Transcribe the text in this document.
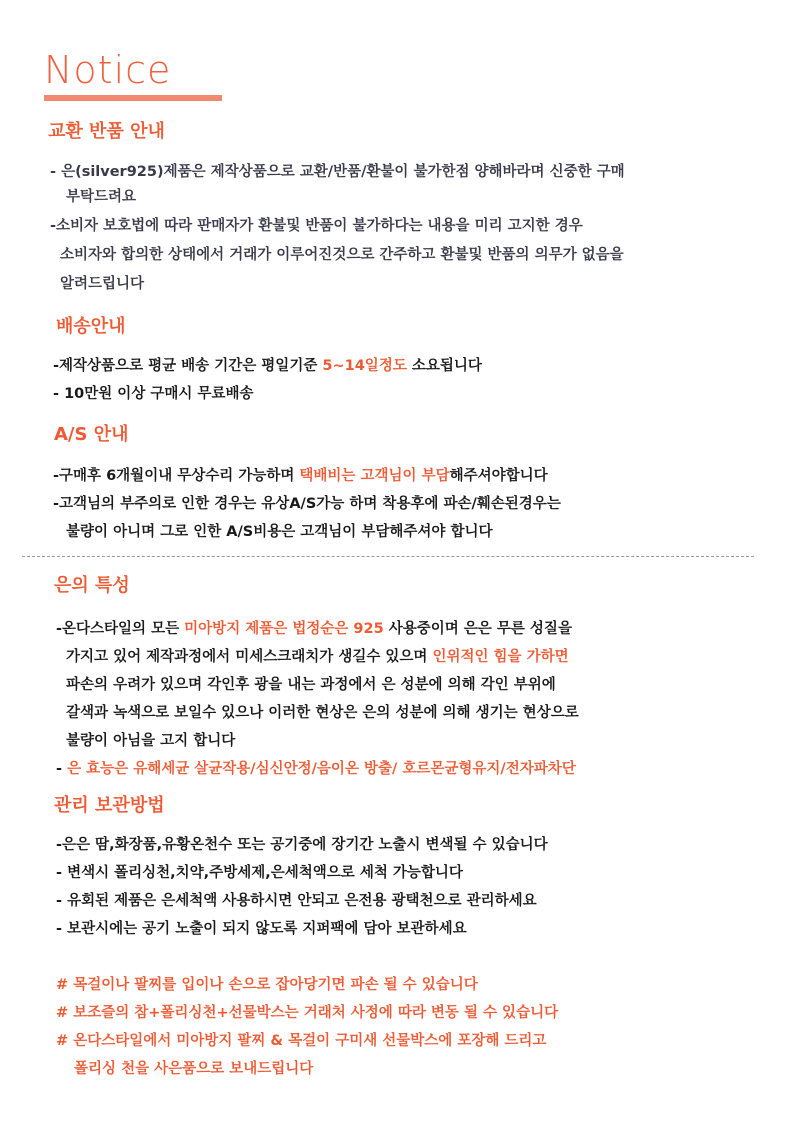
Notice
교환 반품 안내
- 은(silver925)제품은 제작상품으로 교환/반품/환불이 불가한점 양해바라며 신중한 구매
부탁드려요
-소비자 보호법에 따라 판매자가 환불및 반품이 불가하다는 내용을 미리 고지한 경우
소비자와 합의한 상태에서 거래가 이루어진것으로 간주하고 환불및 반품의 의무가 없음을
알려드립니다
배송안내
-제작상품으로 평균 배송 기간은 평일기준 5~14일정도 소요됩니다
- 10만원 이상 구매시 무료배송
A/S 안내
-구매후 6개월이내 무상수리 가능하며 택배비는 고객님이 부담해주셔야합니다
-고객님의 부주의로 인한 경우는 유상A/S가능 하며 착용후에 파손/훼손된경우는
불량이 아니며 그로 인한 A/S비용은 고객님이 부담해주셔야 합니다
은의 특성
-온다스타일의 모든 미아방지 제품은 법정순은 925 사용중이며 은은 무른 성질을
가지고 있어 제작과정에서 미세스크래치가 생길수 있으며 인위적인 힘을 가하면
파손의 우려가 있으며 각인후 광을 내는 과정에서 은 성분에 의해 각인 부위에
갈색과 녹색으로 보일수 있으나 이러한 현상은 은의 성분에 의해 생기는 현상으로
불량이 아님을 고지 합니다
- 은 효능은 유해세균 살균작용/심신안정/음이온 방출/ 호르몬균형유지/전자파차단
관리 보관방법
-은은 땀,화장품,유황온천수 또는 공기중에 장기간 노출시 변색될 수 있습니다
- 변색시 폴리싱천,치약,주방세제,은세척액으로 세척 가능합니다
- 유회된 제품은 은세척액 사용하시면 안되고 은전용 광택천으로 관리하세요
- 보관시에는 공기 노출이 되지 않도록 지퍼팩에 담아 보관하세요
# 목걸이나 팔찌를 입이나 손으로 잡아당기면 파손 될 수 있습니다
# 보조즐의 참+폴리싱천+선물박스는 거래처 사정에 따라 변동 될 수 있습니다
# 온다스타일에서 미아방지 팔찌 & 목걸이 구미새 선물박스에 포장해 드리고
폴리싱 천을 사은품으로 보내드립니다
